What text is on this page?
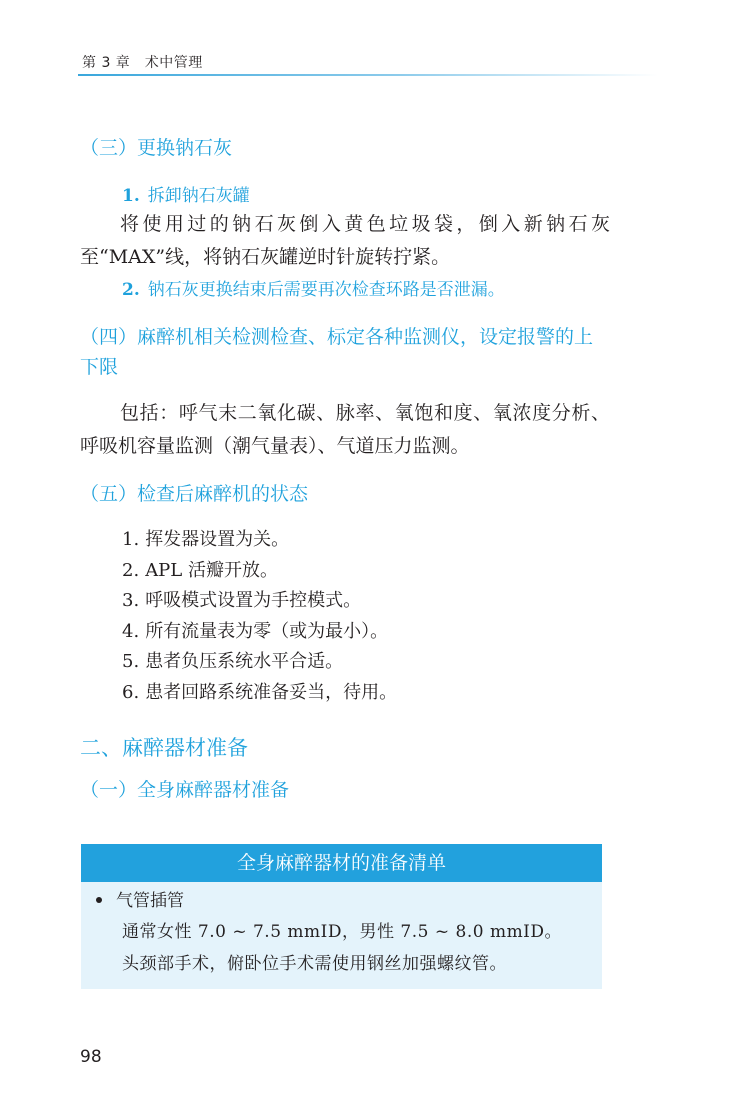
第 3 章　术中管理
（三）更换钠石灰
1. 拆卸钠石灰罐
将使用过的钠石灰倒入黄色垃圾袋，倒入新钠石灰至“MAX”线，将钠石灰罐逆时针旋转拧紧。
2. 钠石灰更换结束后需要再次检查环路是否泄漏。
（四）麻醉机相关检测检查、标定各种监测仪，设定报警的上下限
包括：呼气末二氧化碳、脉率、氧饱和度、氧浓度分析、呼吸机容量监测（潮气量表）、气道压力监测。
（五）检查后麻醉机的状态
1. 挥发器设置为关。
2. APL 活瓣开放。
3. 呼吸模式设置为手控模式。
4. 所有流量表为零（或为最小）。
5. 患者负压系统水平合适。
6. 患者回路系统准备妥当，待用。
二、麻醉器材准备
（一）全身麻醉器材准备
全身麻醉器材的准备清单
气管插管
通常女性 7.0 ~ 7.5 mmID，男性 7.5 ~ 8.0 mmID。
头颈部手术，俯卧位手术需使用钢丝加强螺纹管。
98
